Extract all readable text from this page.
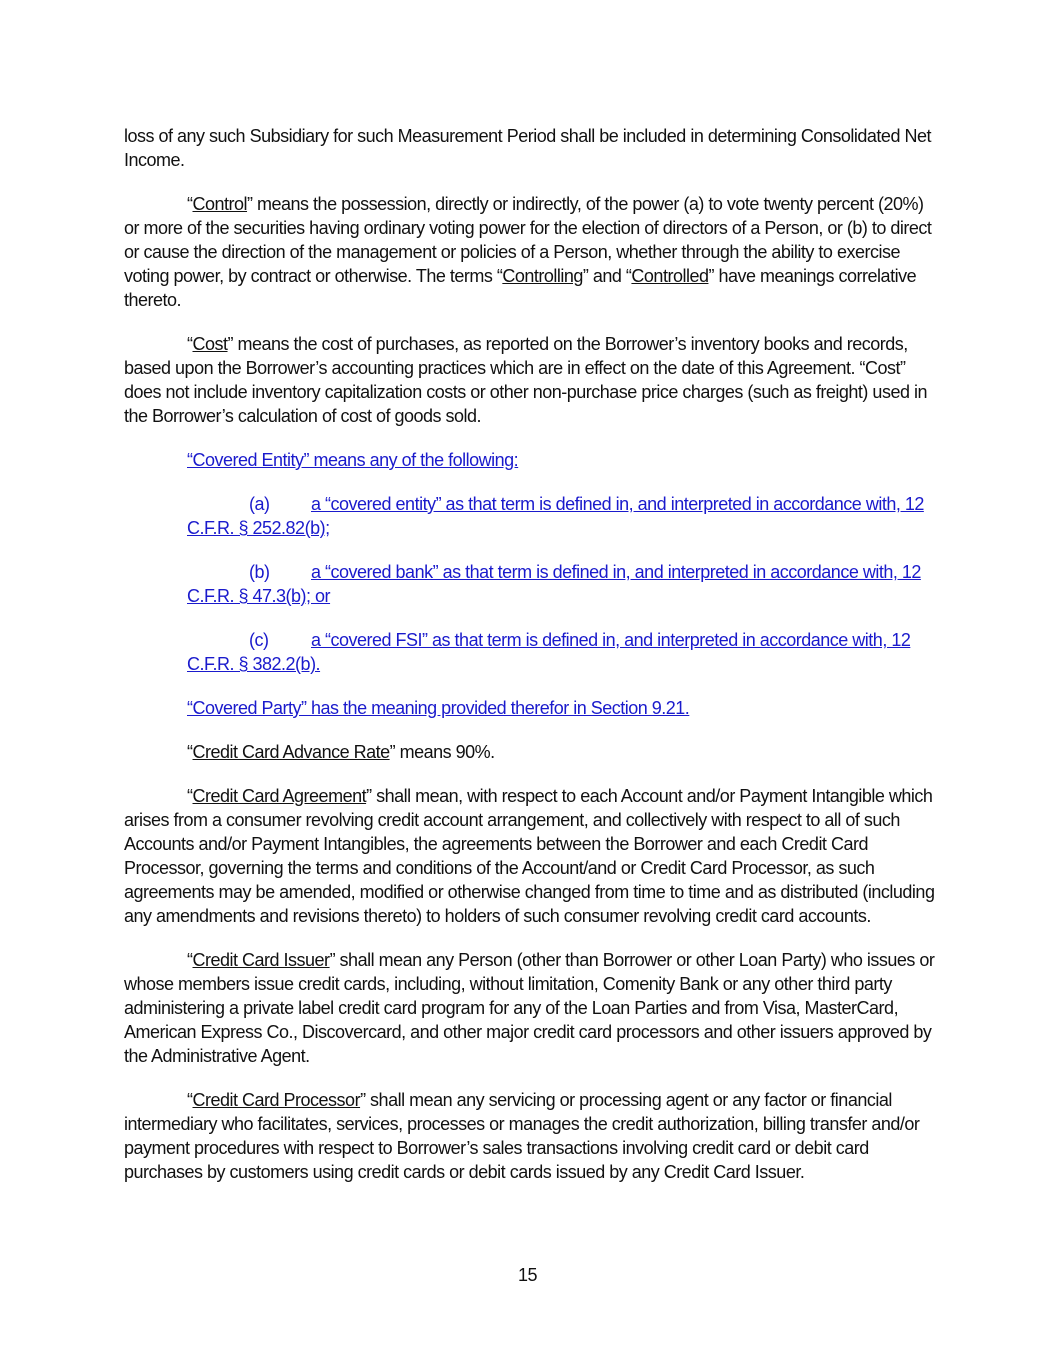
loss of any such Subsidiary for such Measurement Period shall be included in determining Consolidated Net Income.

“Control” means the possession, directly or indirectly, of the power (a) to vote twenty percent (20%) or more of the securities having ordinary voting power for the election of directors of a Person, or (b) to direct or cause the direction of the management or policies of a Person, whether through the ability to exercise voting power, by contract or otherwise. The terms “Controlling” and “Controlled” have meanings correlative thereto.

“Cost” means the cost of purchases, as reported on the Borrower’s inventory books and records, based upon the Borrower’s accounting practices which are in effect on the date of this Agreement. “Cost” does not include inventory capitalization costs or other non-purchase price charges (such as freight) used in the Borrower’s calculation of cost of goods sold.

“Covered Entity” means any of the following:

(a) a “covered entity” as that term is defined in, and interpreted in accordance with, 12 C.F.R. § 252.82(b);

(b) a “covered bank” as that term is defined in, and interpreted in accordance with, 12 C.F.R. § 47.3(b); or

(c) a “covered FSI” as that term is defined in, and interpreted in accordance with, 12 C.F.R. § 382.2(b).

“Covered Party” has the meaning provided therefor in Section 9.21.

“Credit Card Advance Rate” means 90%.

“Credit Card Agreement” shall mean, with respect to each Account and/or Payment Intangible which arises from a consumer revolving credit account arrangement, and collectively with respect to all of such Accounts and/or Payment Intangibles, the agreements between the Borrower and each Credit Card Processor, governing the terms and conditions of the Account/and or Credit Card Processor, as such agreements may be amended, modified or otherwise changed from time to time and as distributed (including any amendments and revisions thereto) to holders of such consumer revolving credit card accounts.

“Credit Card Issuer” shall mean any Person (other than Borrower or other Loan Party) who issues or whose members issue credit cards, including, without limitation, Comenity Bank or any other third party administering a private label credit card program for any of the Loan Parties and from Visa, MasterCard, American Express Co., Discovercard, and other major credit card processors and other issuers approved by the Administrative Agent.

“Credit Card Processor” shall mean any servicing or processing agent or any factor or financial intermediary who facilitates, services, processes or manages the credit authorization, billing transfer and/or payment procedures with respect to Borrower’s sales transactions involving credit card or debit card purchases by customers using credit cards or debit cards issued by any Credit Card Issuer.

15
